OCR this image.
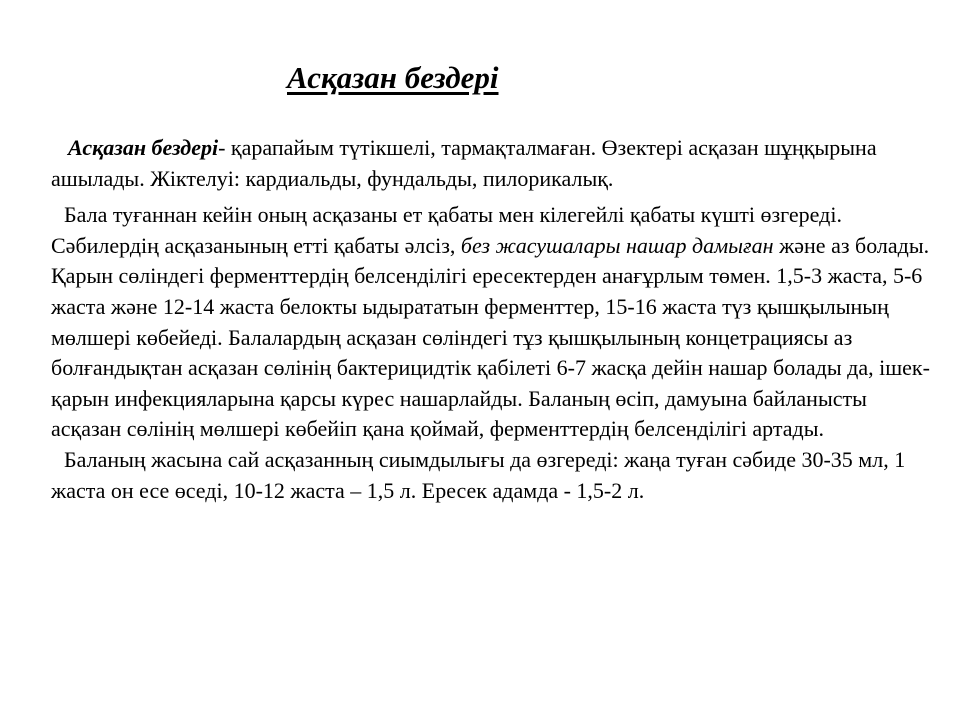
Асқазан бездері

Асқазан бездері- қарапайым түтікшелі, тармақталмаған. Өзектері асқазан шұңқырына ашылады. Жіктелуі: кардиальды, фундальды, пилорикалық.

Бала туғаннан кейін оның асқазаны ет қабаты мен кілегейлі қабаты күшті өзгереді. Сәбилердің асқазанының етті қабаты әлсіз, без жасушалары нашар дамыған және аз болады. Қарын сөліндегі ферменттердің белсенділігі ересектерден анағұрлым төмен. 1,5-3 жаста, 5-6 жаста және 12-14 жаста белокты ыдырататын ферменттер, 15-16 жаста түз қышқылының мөлшері көбейеді. Балалардың асқазан сөліндегі тұз қышқылының концетрациясы аз болғандықтан асқазан сөлінің бактерицидтік қабілеті 6-7 жасқа дейін нашар болады да, ішек-қарын инфекцияларына қарсы күрес нашарлайды. Баланың өсіп, дамуына байланысты асқазан сөлінің мөлшері көбейіп қана қоймай, ферменттердің белсенділігі артады.

Баланың жасына сай асқазанның сиымдылығы да өзгереді: жаңа туған сәбиде 30-35 мл, 1 жаста он есе өседі, 10-12 жаста – 1,5 л. Ересек адамда - 1,5-2 л.
